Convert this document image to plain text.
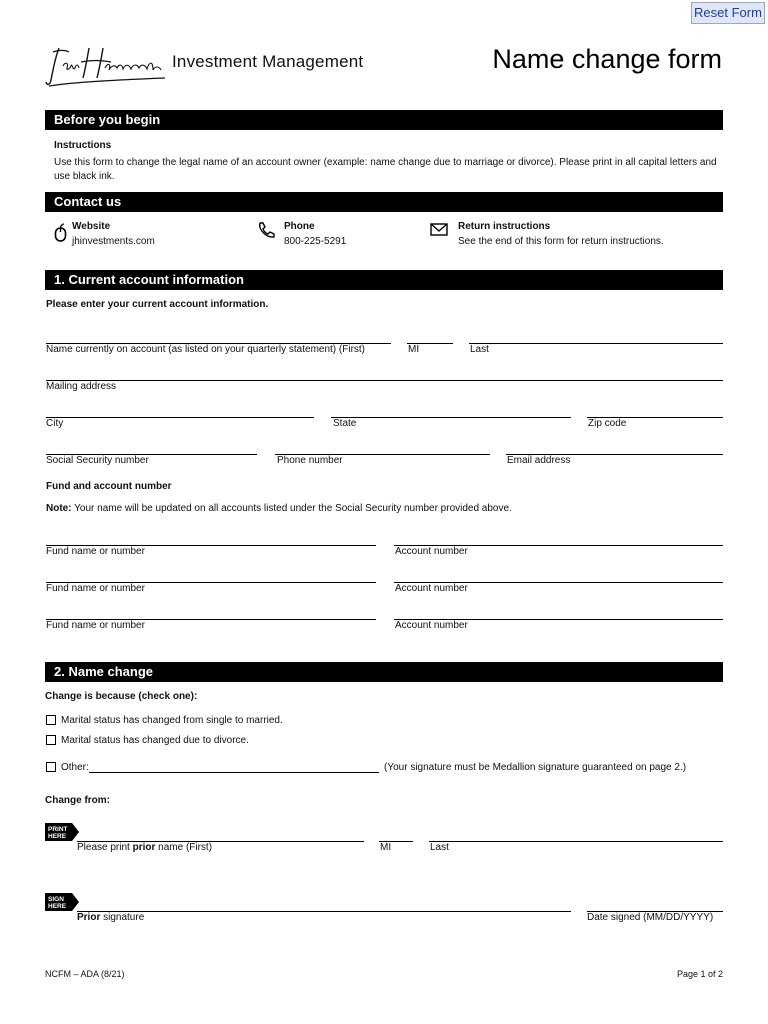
Reset Form
Investment Management	Name change form
Before you begin
Instructions
Use this form to change the legal name of an account owner (example: name change due to marriage or divorce). Please print in all capital letters and use black ink.
Contact us
Website
jhinvestments.com
Phone
800-225-5291
Return instructions
See the end of this form for return instructions.
1. Current account information
Please enter your current account information.
Name currently on account (as listed on your quarterly statement) (First)	MI	Last
Mailing address
City	State	Zip code
Social Security number	Phone number	Email address
Fund and account number
Note: Your name will be updated on all accounts listed under the Social Security number provided above.
Fund name or number	Account number
Fund name or number	Account number
Fund name or number	Account number
2. Name change
Change is because (check one):
Marital status has changed from single to married.
Marital status has changed due to divorce.
Other:	(Your signature must be Medallion signature guaranteed on page 2.)
Change from:
PRINT
HERE
Please print prior name (First)	MI	Last
SIGN
HERE
Prior signature	Date signed (MM/DD/YYYY)
NCFM – ADA (8/21)	Page 1 of 2
